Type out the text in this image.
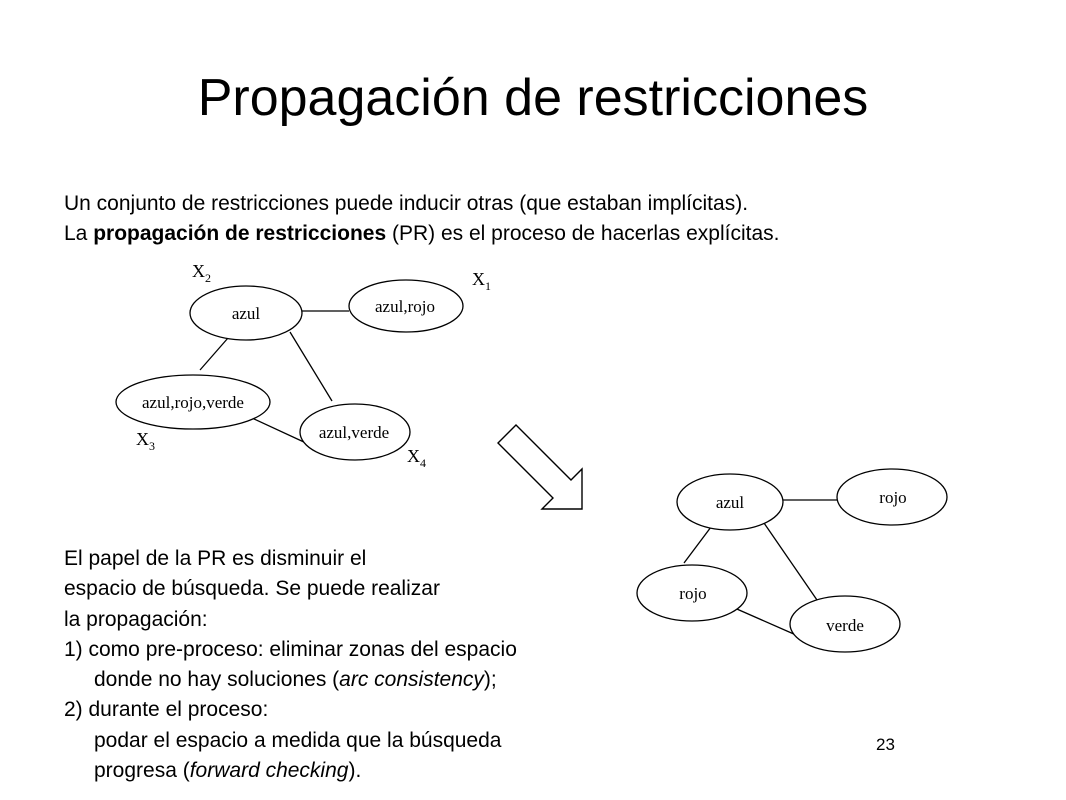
Propagación de restricciones
Un conjunto de restricciones puede inducir otras (que estaban implícitas).
La propagación de restricciones (PR) es el proceso de hacerlas explícitas.
azul	azul,rojo
azul,rojo,verde
azul,verde
$X_2$	$X_1$
$X_3$	$X_4$
azul	rojo
rojo
verde
El papel de la PR es disminuir el
espacio de búsqueda. Se puede realizar
la propagación:
1) como pre-proceso: eliminar zonas del espacio
donde no hay soluciones (arc consistency);
2) durante el proceso:
podar el espacio a medida que la búsqueda
progresa (forward checking).
23
